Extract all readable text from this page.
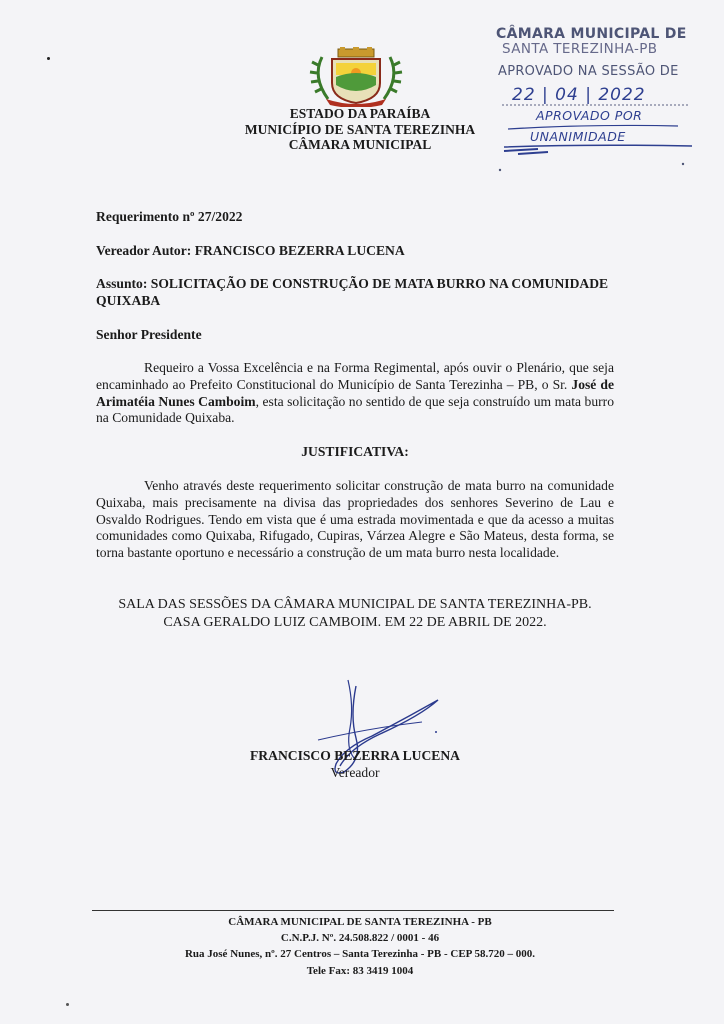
ESTADO DA PARAÍBA
MUNICÍPIO DE SANTA TEREZINHA
CÂMARA MUNICIPAL
CÂMARA MUNICIPAL DE
SANTA TEREZINHA-PB
APROVADO NA SESSÃO DE
22 | 04 | 2022
APROVADO POR
UNANIMIDADE
Requerimento nº 27/2022
Vereador Autor: FRANCISCO BEZERRA LUCENA
Assunto: SOLICITAÇÃO DE CONSTRUÇÃO DE MATA BURRO NA COMUNIDADE QUIXABA
Senhor Presidente
Requeiro a Vossa Excelência e na Forma Regimental, após ouvir o Plenário, que seja encaminhado ao Prefeito Constitucional do Município de Santa Terezinha – PB, o Sr. José de Arimatéia Nunes Camboim, esta solicitação no sentido de que seja construído um mata burro na Comunidade Quixaba.
JUSTIFICATIVA:
Venho através deste requerimento solicitar construção de mata burro na comunidade Quixaba, mais precisamente na divisa das propriedades dos senhores Severino de Lau e Osvaldo Rodrigues. Tendo em vista que é uma estrada movimentada e que da acesso a muitas comunidades como Quixaba, Rifugado, Cupiras, Várzea Alegre e São Mateus, desta forma, se torna bastante oportuno e necessário a construção de um mata burro nesta localidade.
SALA DAS SESSÕES DA CÂMARA MUNICIPAL DE SANTA TEREZINHA-PB.
CASA GERALDO LUIZ CAMBOIM. EM 22 DE ABRIL DE 2022.
FRANCISCO BEZERRA LUCENA
Vereador
CÂMARA MUNICIPAL DE SANTA TEREZINHA - PB
C.N.P.J. Nº. 24.508.822 / 0001 - 46
Rua José Nunes, nº. 27 Centros – Santa Terezinha - PB - CEP 58.720 – 000.
Tele Fax: 83 3419 1004
